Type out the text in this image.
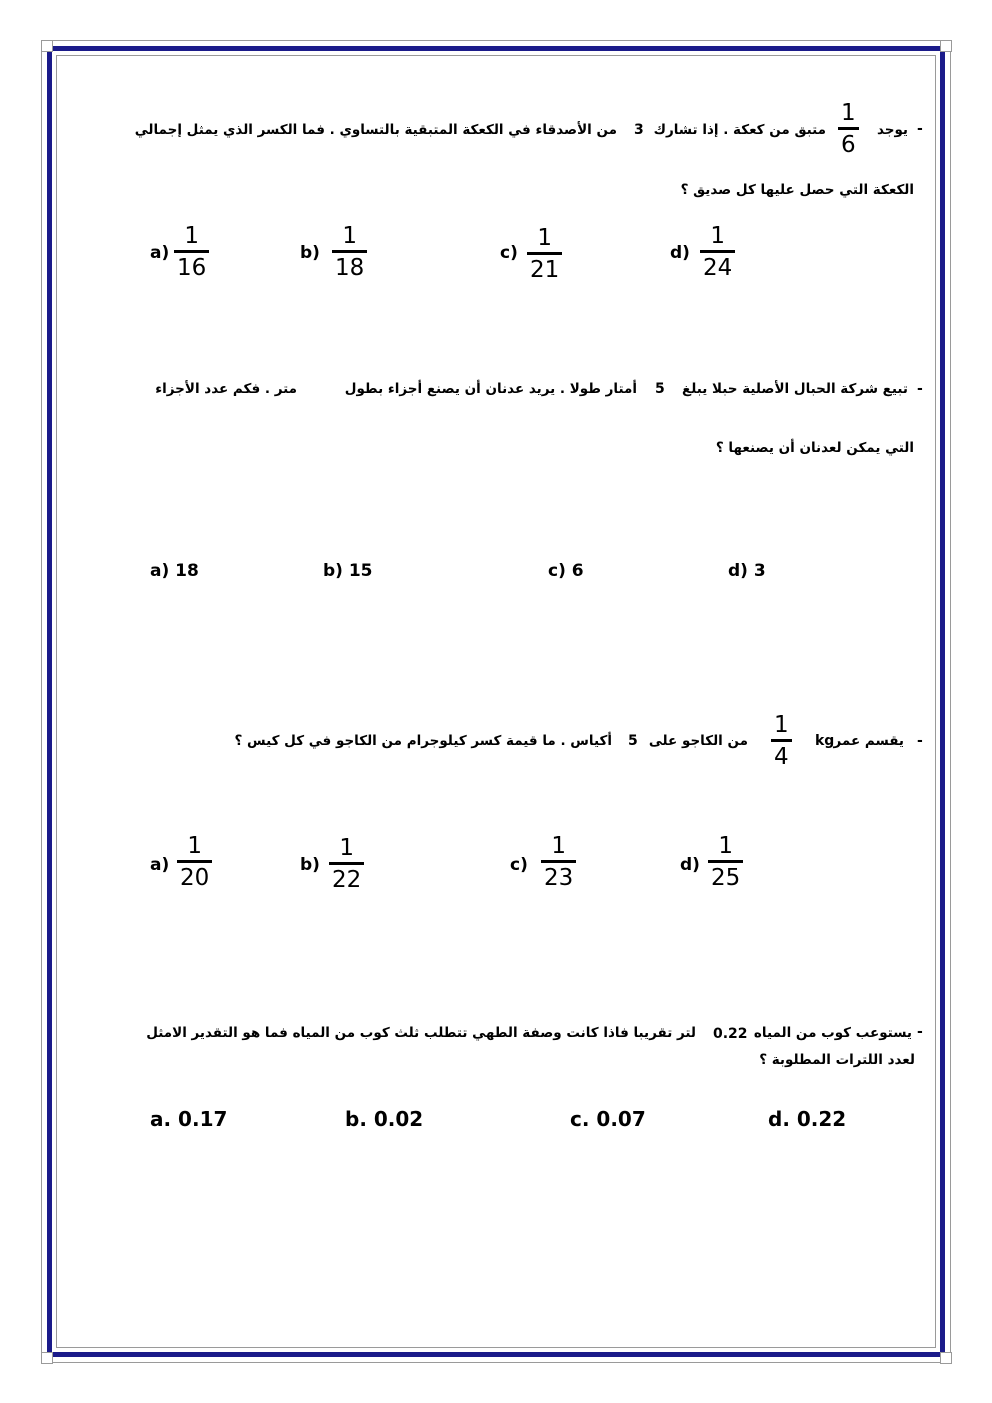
-
يوجد
1
6
متبق من كعكة . إذا تشارك
3
من الأصدقاء في الكعكة المتبقية بالتساوي . فما الكسر الذي يمثل إجمالي
الكعكة التي حصل عليها كل صديق ؟
a)
1
16
b)
1
18
c)
1
21
d)
1
24
-
تبيع شركة الحبال الأصلية حبلا يبلغ
5
أمتار طولا . يريد عدنان أن يصنع أجزاء بطول
متر . فكم عدد الأجزاء
التي يمكن لعدنان أن يصنعها ؟
a) 18	b) 15	c) 6	d) 3
-
يقسم عمر
kg
1
4
من الكاجو على
5
أكياس . ما قيمة كسر كيلوجرام من الكاجو في كل كيس ؟
a)
1
20	b)
1
22
c)
1
23	d)
1
25
-
يستوعب كوب من المياه
0.22
لتر تقريبا فاذا كانت وصفة الطهي تتطلب ثلث كوب من المياه فما هو التقدير الامثل
لعدد اللترات المطلوبة ؟
a. 0.17	b. 0.02	c. 0.07	d. 0.22
